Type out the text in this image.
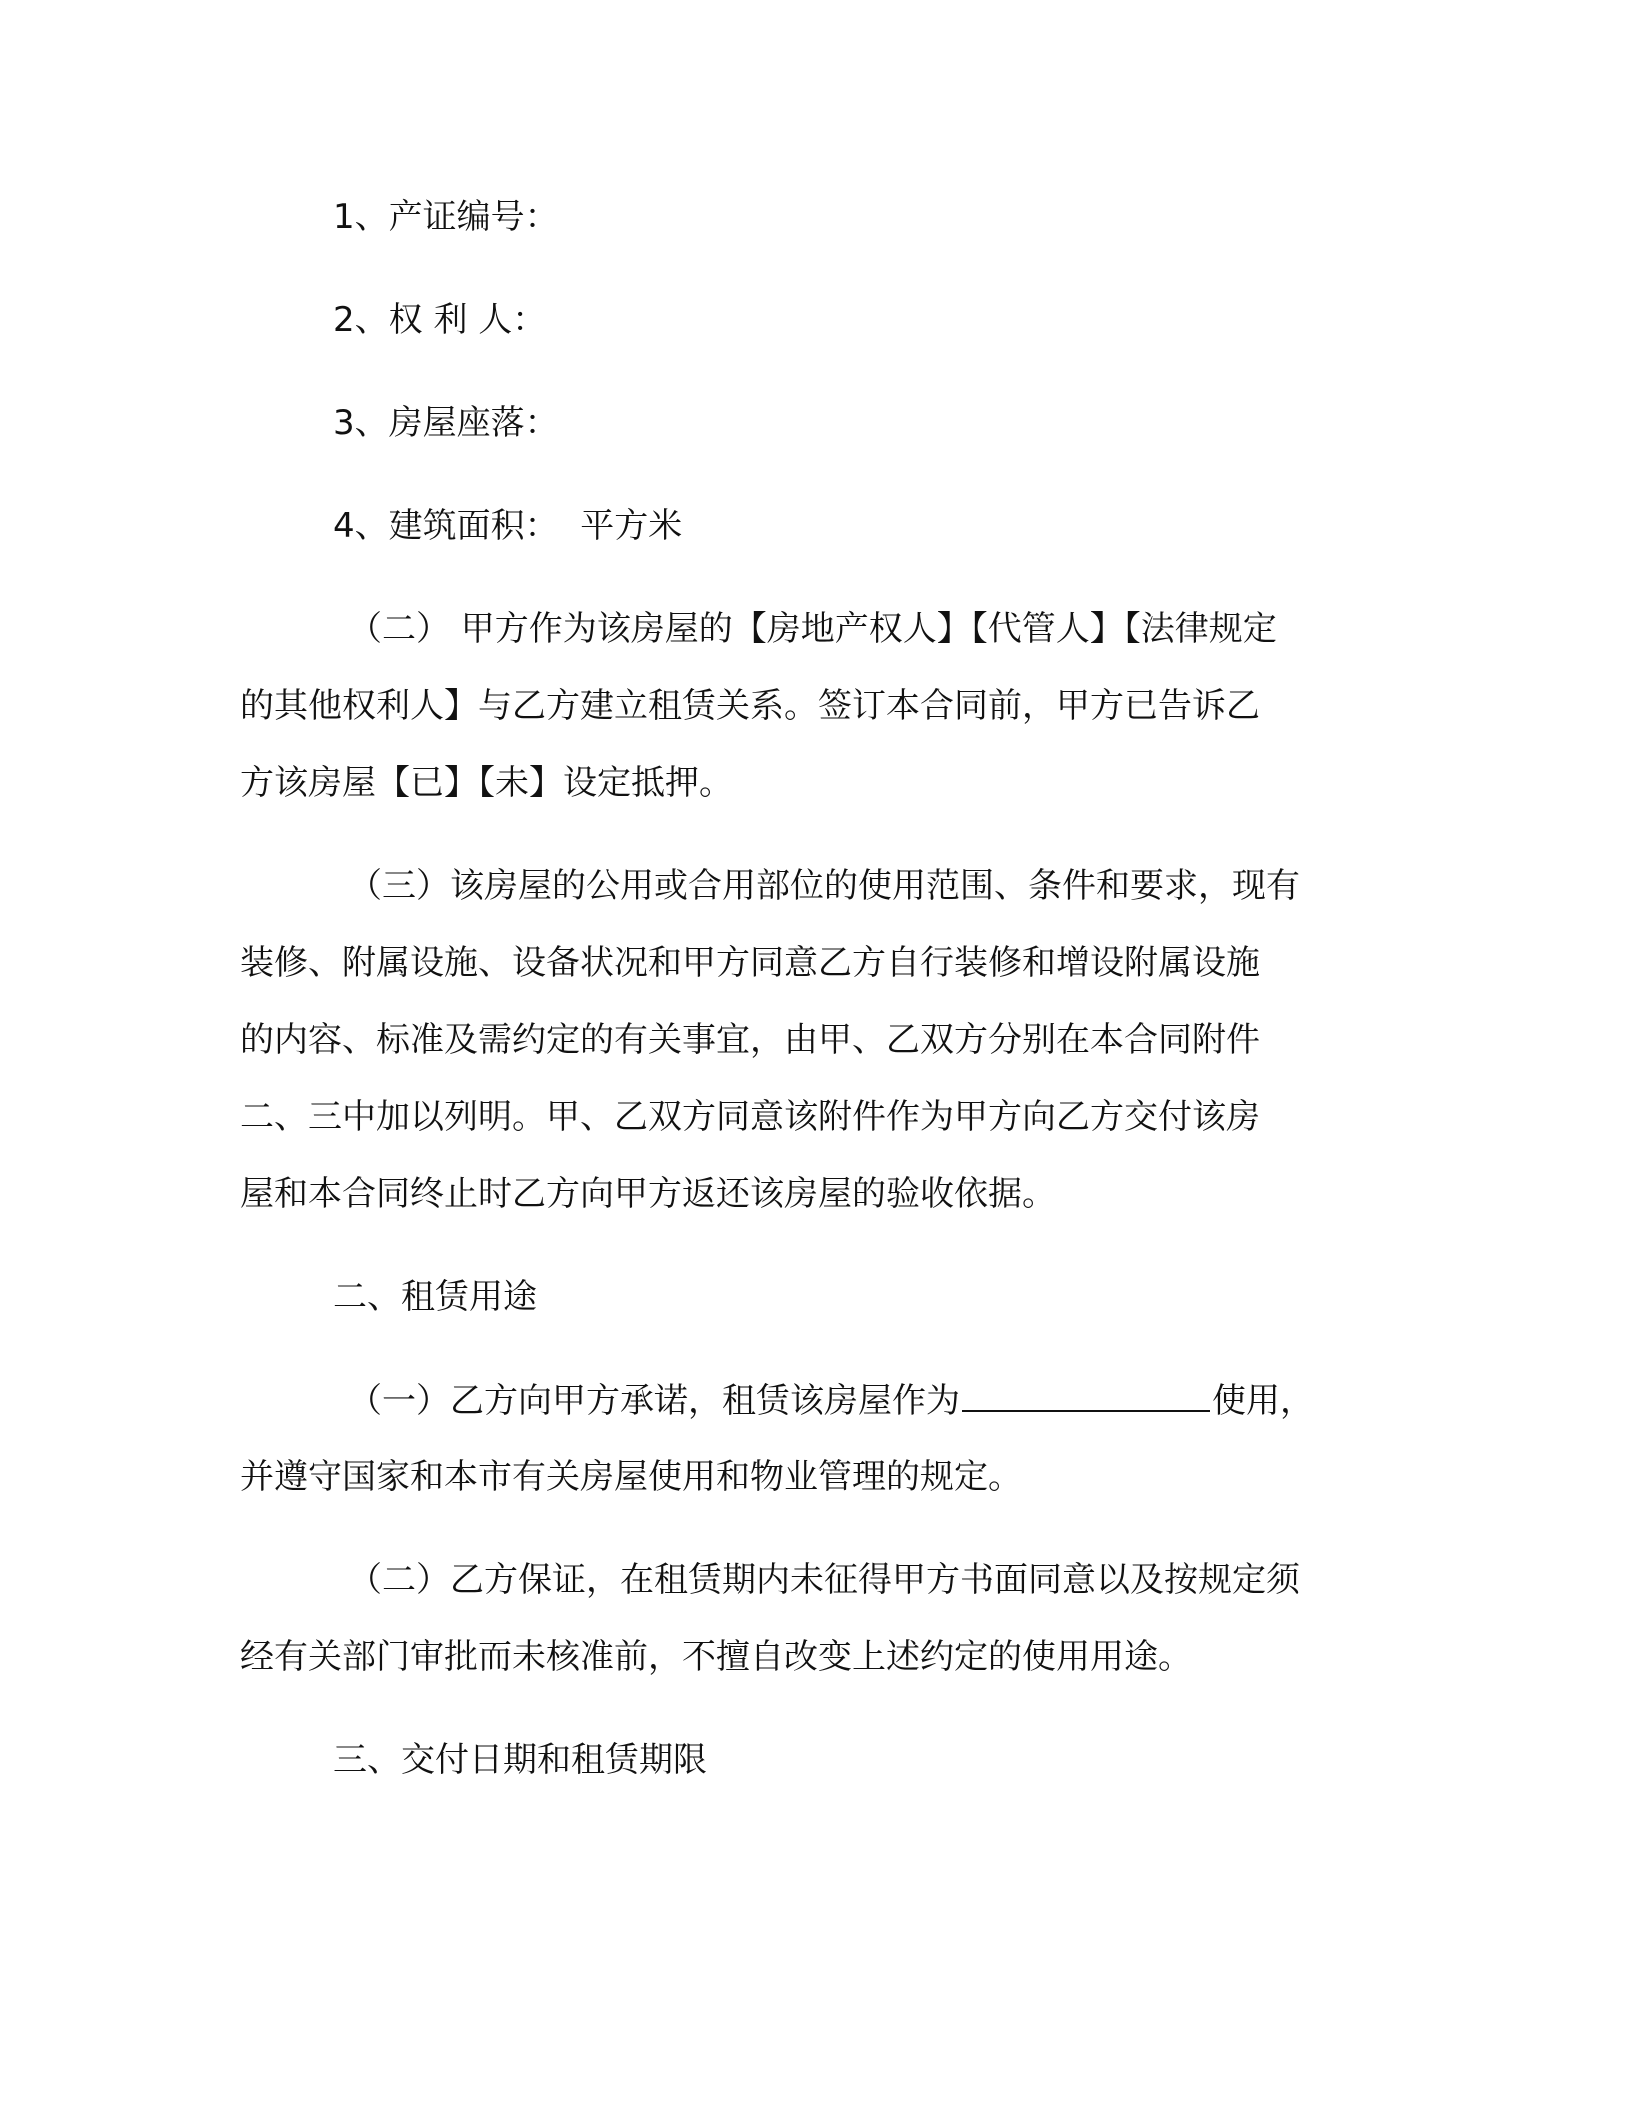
1、产证编号：
2、权 利 人：
3、房屋座落：
4、建筑面积：  平方米
（二） 甲方作为该房屋的【房地产权人】【代管人】【法律规定
的其他权利人】与乙方建立租赁关系。签订本合同前，甲方已告诉乙
方该房屋【已】【未】设定抵押。
（三）该房屋的公用或合用部位的使用范围、条件和要求，现有
装修、附属设施、设备状况和甲方同意乙方自行装修和增设附属设施
的内容、标准及需约定的有关事宜，由甲、乙双方分别在本合同附件
二、三中加以列明。甲、乙双方同意该附件作为甲方向乙方交付该房
屋和本合同终止时乙方向甲方返还该房屋的验收依据。
二、租赁用途
（一）乙方向甲方承诺，租赁该房屋作为	使用，
并遵守国家和本市有关房屋使用和物业管理的规定。
（二）乙方保证，在租赁期内未征得甲方书面同意以及按规定须
经有关部门审批而未核准前，不擅自改变上述约定的使用用途。
三、交付日期和租赁期限
